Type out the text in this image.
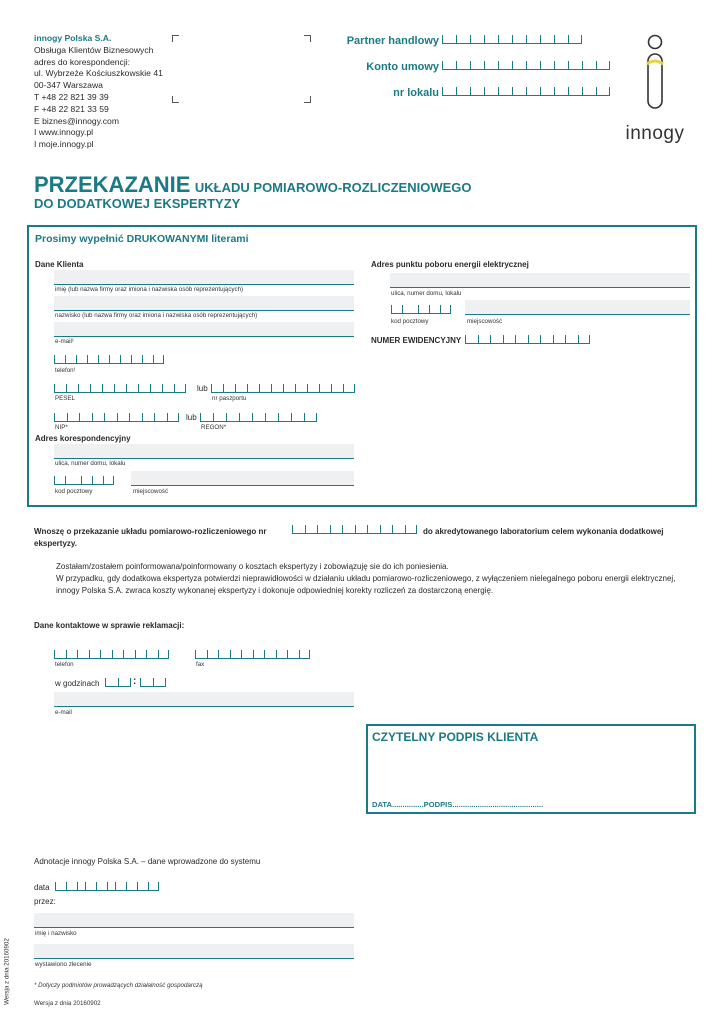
innogy Polska S.A.
Obsługa Klientów Biznesowych
adres do korespondencji:
ul. Wybrzeże Kościuszkowskie 41
00-347 Warszawa
T +48 22 821 39 39
F +48 22 821 33 59
E biznes@innogy.com
I www.innogy.pl
I moje.innogy.pl
Partner handlowy
Konto umowy
nr lokalu
innogy
PRZEKAZANIE UKŁADU POMIAROWO-ROZLICZENIOWEGO
DO DODATKOWEJ EKSPERTYZY
Prosimy wypełnić DRUKOWANYMI literami
Dane Klienta
imię (lub nazwa firmy oraz imiona i nazwiska osób reprezentujących)
nazwisko (lub nazwa firmy oraz imiona i nazwiska osób reprezentujących)
e-mail¹
telefon¹
lub
PESEL	nr paszportu
lub
NIP*	REGON*
Adres korespondencyjny
ulica, numer domu, lokalu
kod pocztowy	miejscowość
Adres punktu poboru energii elektrycznej
ulica, numer domu, lokalu
kod pocztowy	miejscowość
NUMER EWIDENCYJNY
Wnoszę o przekazanie układu pomiarowo-rozliczeniowego nr	do akredytowanego laboratorium celem wykonania dodatkowej
ekspertyzy.
Zostałam/zostałem poinformowana/poinformowany o kosztach ekspertyzy i zobowiązuję sie do ich poniesienia.
W przypadku, gdy dodatkowa ekspertyza potwierdzi nieprawidłowości w działaniu układu pomiarowo-rozliczeniowego, z wyłączeniem nielegalnego poboru energii elektrycznej, innogy Polska S.A. zwraca koszty wykonanej ekspertyzy i dokonuje odpowiedniej korekty rozliczeń za dostarczoną energię.
Dane kontaktowe w sprawie reklamacji:
telefon	fax
w godzinach	:
e-mail
CZYTELNY PODPIS KLIENTA
DATA...............PODPIS...........................................
Adnotacje innogy Polska S.A. – dane wprowadzone do systemu
data
przez:
imię i nazwisko
wystawiono zlecenie
* Dotyczy podmiotów prowadzących działalność gospodarczą
Wersja z dnia 20160902
Wersja z dnia 20160902
